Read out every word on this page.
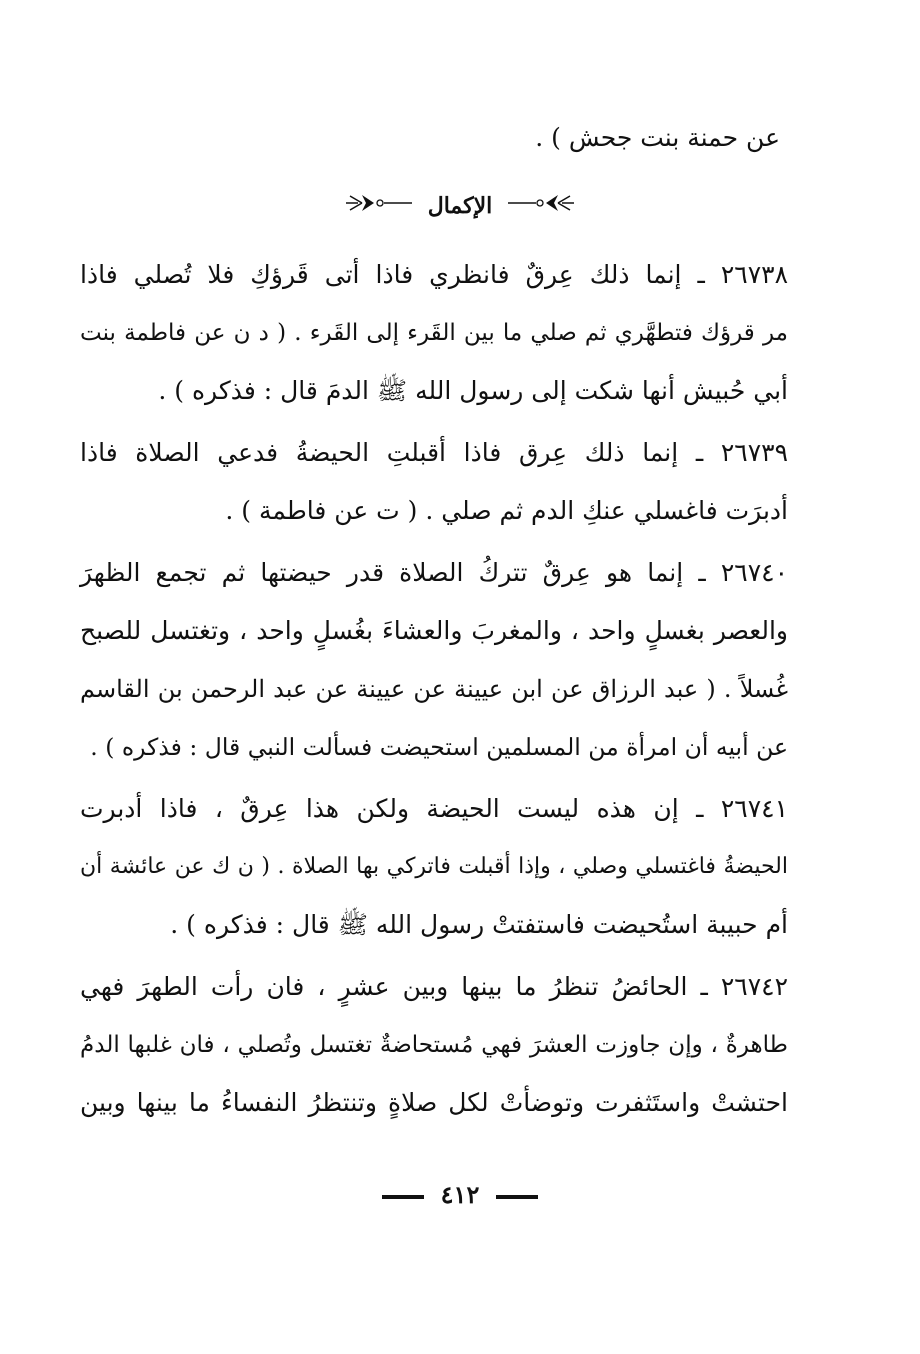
عن حمنة بنت جحش ) .
الإكمال
٢٦٧٣٨ ـ إنما ذلك عِرقٌ فانظري فاذا أتى قَرؤكِ فلا تُصلي فاذا
مر قرؤك فتطهَّري ثم صلي ما بين القَرء إلى القَرء . ( د ن عن فاطمة بنت
أبي حُبيش أنها شكت إلى رسول الله ﷺ الدمَ قال : فذكره ) .
٢٦٧٣٩ ـ إنما ذلك عِرق فاذا أقبلتِ الحيضةُ فدعي الصلاة فاذا
أدبرَت فاغسلي عنكِ الدم ثم صلي . ( ت عن فاطمة ) .
٢٦٧٤٠ ـ إنما هو عِرقٌ تتركُ الصلاة قدر حيضتها ثم تجمع الظهرَ
والعصر بغسلٍ واحد ، والمغربَ والعشاءَ بغُسلٍ واحد ، وتغتسل للصبح
غُسلاً . ( عبد الرزاق عن ابن عيينة عن عيينة عن عبد الرحمن بن القاسم
عن أبيه أن امرأة من المسلمين استحيضت فسألت النبي قال : فذكره ) .
٢٦٧٤١ ـ إن هذه ليست الحيضة ولكن هذا عِرقٌ ، فاذا أدبرت
الحيضةُ فاغتسلي وصلي ، وإذا أقبلت فاتركي بها الصلاة . ( ن ك عن عائشة أن
أم حبيبة استُحيضت فاستفتتْ رسول الله ﷺ قال : فذكره ) .
٢٦٧٤٢ ـ الحائضُ تنظرُ ما بينها وبين عشرٍ ، فان رأت الطهرَ فهي
طاهرةٌ ، وإن جاوزت العشرَ فهي مُستحاضةٌ تغتسل وتُصلي ، فان غلبها الدمُ
احتشتْ واستَثفرت وتوضأتْ لكل صلاةٍ وتنتظرُ النفساءُ ما بينها وبين
٤١٢
